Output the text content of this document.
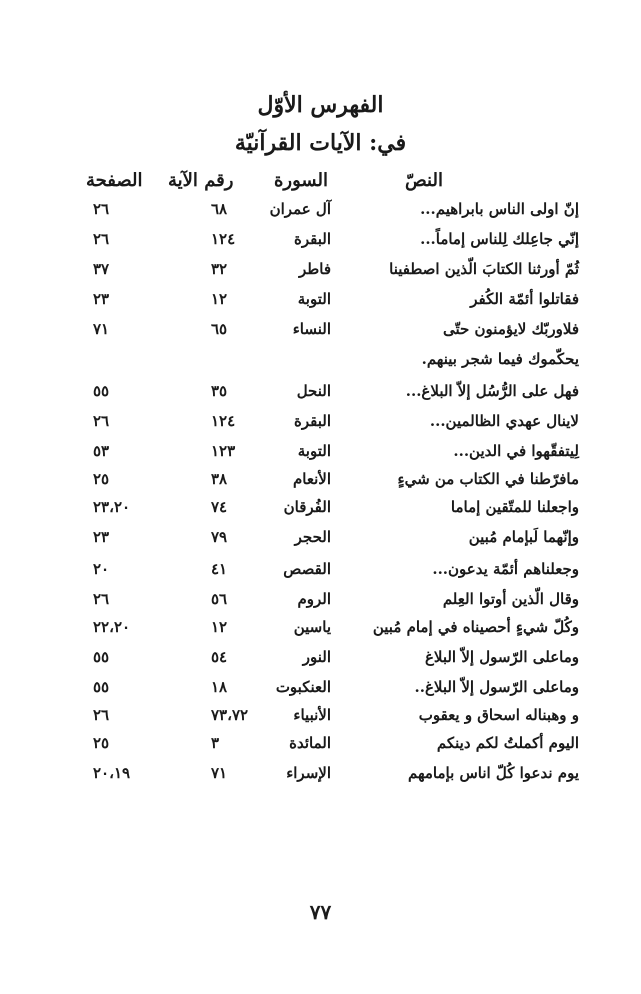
الفهرس الأوّل
في: الآيات القرآنيّة
النصّ
السورة
رقم الآية
الصفحة
إنّ اولى الناس بابراهيم...
آل عمران
٦٨
٢٦
إنّي جاعِلك لِلناس إماماً...
البقرة
١٢٤
٢٦
ثُمّ أورثنا الكتابَ الّذين اصطفينا
فاطر
٣٢
٣٧
فقاتلوا أئمّة الكُفر
التوبة
١٢
٢٣
فلاوربّك لايؤمنون حتّى
يحكّموك فيما شجر بينهم.
النساء
٦٥
٧١
فهل على الرُّسُل إلاّ البلاغ...
النحل
٣٥
٥٥
لاينال عهدي الظالمين...
البقرة
١٢٤
٢٦
لِيتفقّهوا في الدين...
التوبة
١٢٣
٥٣
مافرّطنا في الكتاب من شيءٍ
الأنعام
٣٨
٢٥
واجعلنا للمتّقين إماما
الفُرقان
٧٤
٢٣،٢٠
وإنّهما لَبإمام مُبين
الحجر
٧٩
٢٣
وجعلناهم أئمّة يدعون...
القصص
٤١
٢٠
وقال الّذين أوتوا العِلم
الروم
٥٦
٢٦
وكُلّ شيءٍ أحصيناه في إمام مُبين
ياسين
١٢
٢٢،٢٠
وماعلى الرّسول إلاّ البلاغ
النور
٥٤
٥٥
وماعلى الرّسول إلاّ البلاغ..
العنكبوت
١٨
٥٥
و وهبناله اسحاق و يعقوب
الأنبياء
٧٣،٧٢
٢٦
اليوم أكملتُ لكم دينكم
المائدة
٣
٢٥
يوم ندعوا كُلّ اناس بإمامهم
الإسراء
٧١
٢٠،١٩
٧٧
